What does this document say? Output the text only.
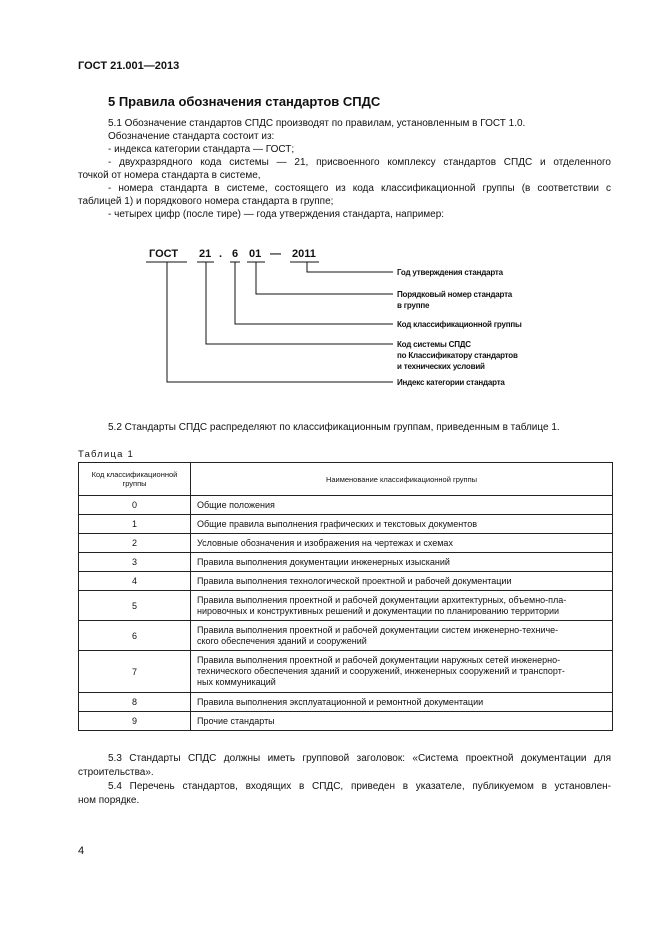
ГОСТ 21.001—2013
5 Правила обозначения стандартов СПДС
5.1 Обозначение стандартов СПДС производят по правилам, установленным в ГОСТ 1.0.
Обозначение стандарта состоит из:
- индекса категории стандарта — ГОСТ;
- двухразрядного кода системы — 21, присвоенного комплексу стандартов СПДС и отделенного
точкой от номера стандарта в системе,
- номера стандарта в системе, состоящего из кода классификационной группы (в соответствии с
таблицей 1) и порядкового номера стандарта в группе;
- четырех цифр (после тире) — года утверждения стандарта, например:
ГОСТ 21 . 6 01 — 2011
Год утверждения стандарта
Порядковый номер стандарта
в группе
Код классификационной группы
Код системы СПДС
по Классификатору стандартов
и технических условий
Индекс категории стандарта
5.2 Стандарты СПДС распределяют по классификационным группам, приведенным в таблице 1.
Таблица 1
Код классификационной группы	Наименование классификационной группы
0	Общие положения
1	Общие правила выполнения графических и текстовых документов
2	Условные обозначения и изображения на чертежах и схемах
3	Правила выполнения документации инженерных изысканий
4	Правила выполнения технологической проектной и рабочей документации
5	Правила выполнения проектной и рабочей документации архитектурных, объемно-пла-
нировочных и конструктивных решений и документации по планированию территории

6	Правила выполнения проектной и рабочей документации систем инженерно-техниче-
ского обеспечения зданий и сооружений

7	Правила выполнения проектной и рабочей документации наружных сетей инженерно-
технического обеспечения зданий и сооружений, инженерных сооружений и транспорт-
ных коммуникаций

8	Правила выполнения эксплуатационной и ремонтной документации
9	Прочие стандарты
5.3 Стандарты СПДС должны иметь групповой заголовок: «Система проектной документации для
строительства».
5.4 Перечень стандартов, входящих в СПДС, приведен в указателе, публикуемом в установлен-
ном порядке.
4
